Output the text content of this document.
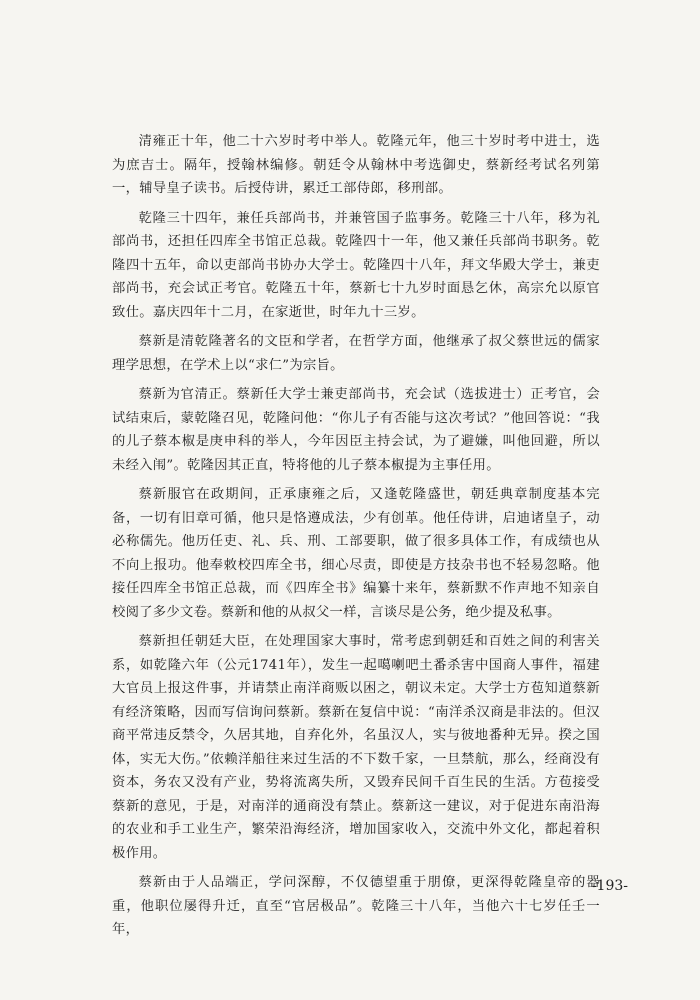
清雍正十年，他二十六岁时考中举人。乾隆元年，他三十岁时考中进士，选为庶吉士。隔年，授翰林编修。朝廷令从翰林中考选御史，蔡新经考试名列第一，辅导皇子读书。后授侍讲，累迁工部侍郎，移刑部。

乾隆三十四年，兼任兵部尚书，并兼管国子监事务。乾隆三十八年，移为礼部尚书，还担任四库全书馆正总裁。乾隆四十一年，他又兼任兵部尚书职务。乾隆四十五年，命以吏部尚书协办大学士。乾隆四十八年，拜文华殿大学士，兼吏部尚书，充会试正考官。乾隆五十年，蔡新七十九岁时面恳乞休，高宗允以原官致仕。嘉庆四年十二月，在家逝世，时年九十三岁。

蔡新是清乾隆著名的文臣和学者，在哲学方面，他继承了叔父蔡世远的儒家理学思想，在学术上以“求仁”为宗旨。

蔡新为官清正。蔡新任大学士兼吏部尚书，充会试（选拔进士）正考官，会试结束后，蒙乾隆召见，乾隆问他：“你儿子有否能与这次考试？”他回答说：“我的儿子蔡本椒是庚申科的举人，今年因臣主持会试，为了避嫌，叫他回避，所以未经入闱”。乾隆因其正直，特将他的儿子蔡本椒提为主事任用。

蔡新服官在政期间，正承康雍之后，又逢乾隆盛世，朝廷典章制度基本完备，一切有旧章可循，他只是恪遵成法，少有创革。他任侍讲，启迪诸皇子，动必称儒先。他历任吏、礼、兵、刑、工部要职，做了很多具体工作，有成绩也从不向上报功。他奉敕校四库全书，细心尽责，即使是方技杂书也不轻易忽略。他接任四库全书馆正总裁，而《四库全书》编纂十来年，蔡新默不作声地不知亲自校阅了多少文卷。蔡新和他的从叔父一样，言谈尽是公务，绝少提及私事。

蔡新担任朝廷大臣，在处理国家大事时，常考虑到朝廷和百姓之间的利害关系，如乾隆六年（公元1741年），发生一起噶喇吧土番杀害中国商人事件，福建大官员上报这件事，并请禁止南洋商贩以困之，朝议未定。大学士方苞知道蔡新有经济策略，因而写信询问蔡新。蔡新在复信中说：“南洋杀汉商是非法的。但汉商平常违反禁令，久居其地，自弃化外，名虽汉人，实与彼地番种无异。揆之国体，实无大伤。”依赖洋船往来过生活的不下数千家，一旦禁航，那么，经商没有资本，务农又没有产业，势将流离失所，又毁弃民间千百生民的生活。方苞接受蔡新的意见，于是，对南洋的通商没有禁止。蔡新这一建议，对于促进东南沿海的农业和手工业生产，繁荣沿海经济，增加国家收入，交流中外文化，都起着积极作用。

蔡新由于人品端正，学问深醇，不仅德望重于朋僚，更深得乾隆皇帝的器重，他职位屡得升迁，直至“官居极品”。乾隆三十八年，当他六十七岁任壬一年，

-193-
